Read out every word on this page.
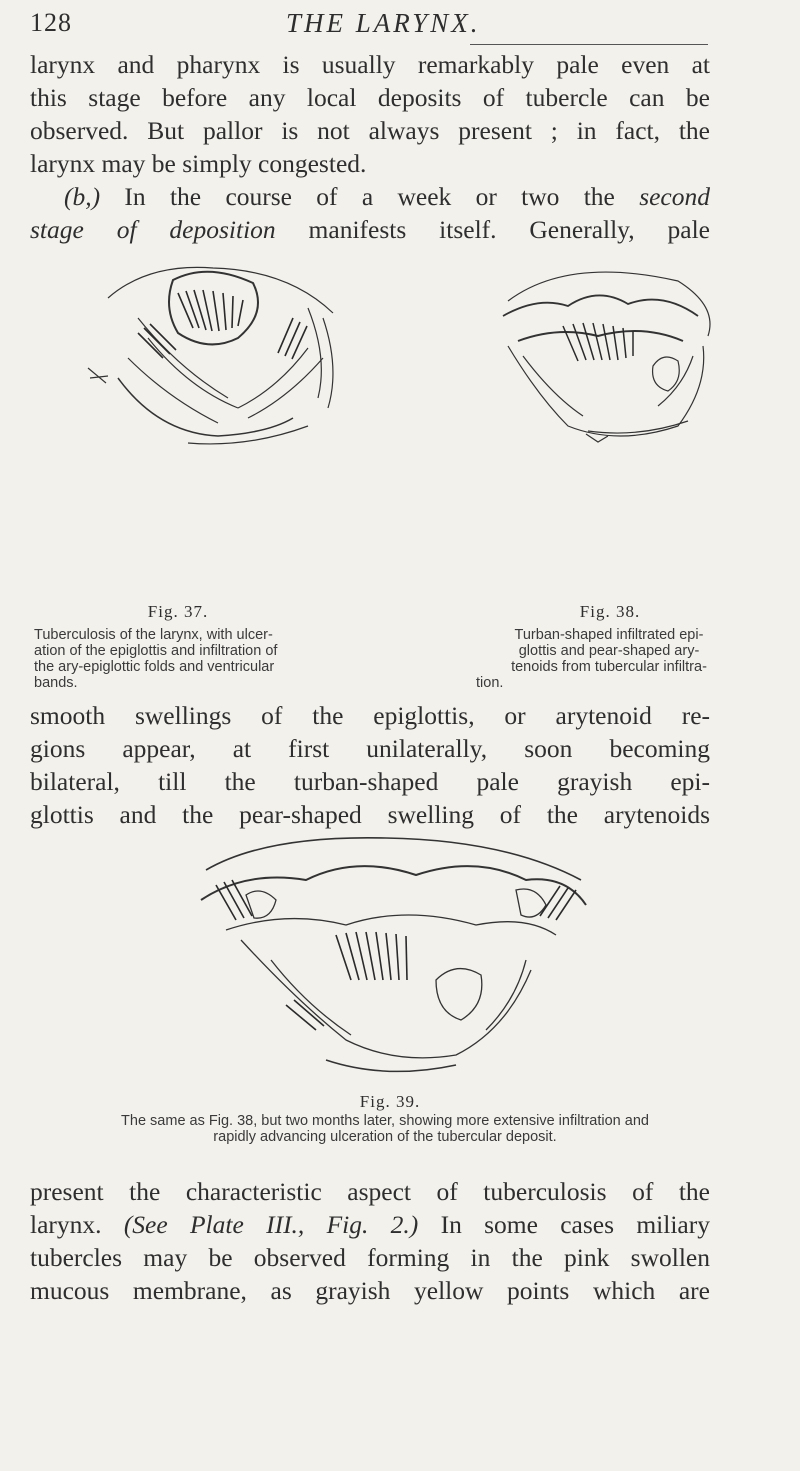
128	THE LARYNX.
larynx and pharynx is usually remarkably pale even at
this stage before any local deposits of tubercle can be
observed. But pallor is not always present ; in fact, the
larynx may be simply congested.
(b,) In the course of a week or two the second
stage of deposition manifests itself. Generally, pale
Fig. 37.
Tuberculosis of the larynx, with ulcer-
ation of the epiglottis and infiltration of
the ary-epiglottic folds and ventricular
bands.
Fig. 38.
Turban-shaped infiltrated epi-
glottis and pear-shaped ary-
tenoids from tubercular infiltra-
tion.
smooth swellings of the epiglottis, or arytenoid re-
gions appear, at first unilaterally, soon becoming
bilateral, till the turban-shaped pale grayish epi-
glottis and the pear-shaped swelling of the arytenoids
Fig. 39.
The same as Fig. 38, but two months later, showing more extensive infiltration and
rapidly advancing ulceration of the tubercular deposit.
present the characteristic aspect of tuberculosis of the
larynx. (See Plate III., Fig. 2.) In some cases miliary
tubercles may be observed forming in the pink swollen
mucous membrane, as grayish yellow points which are
